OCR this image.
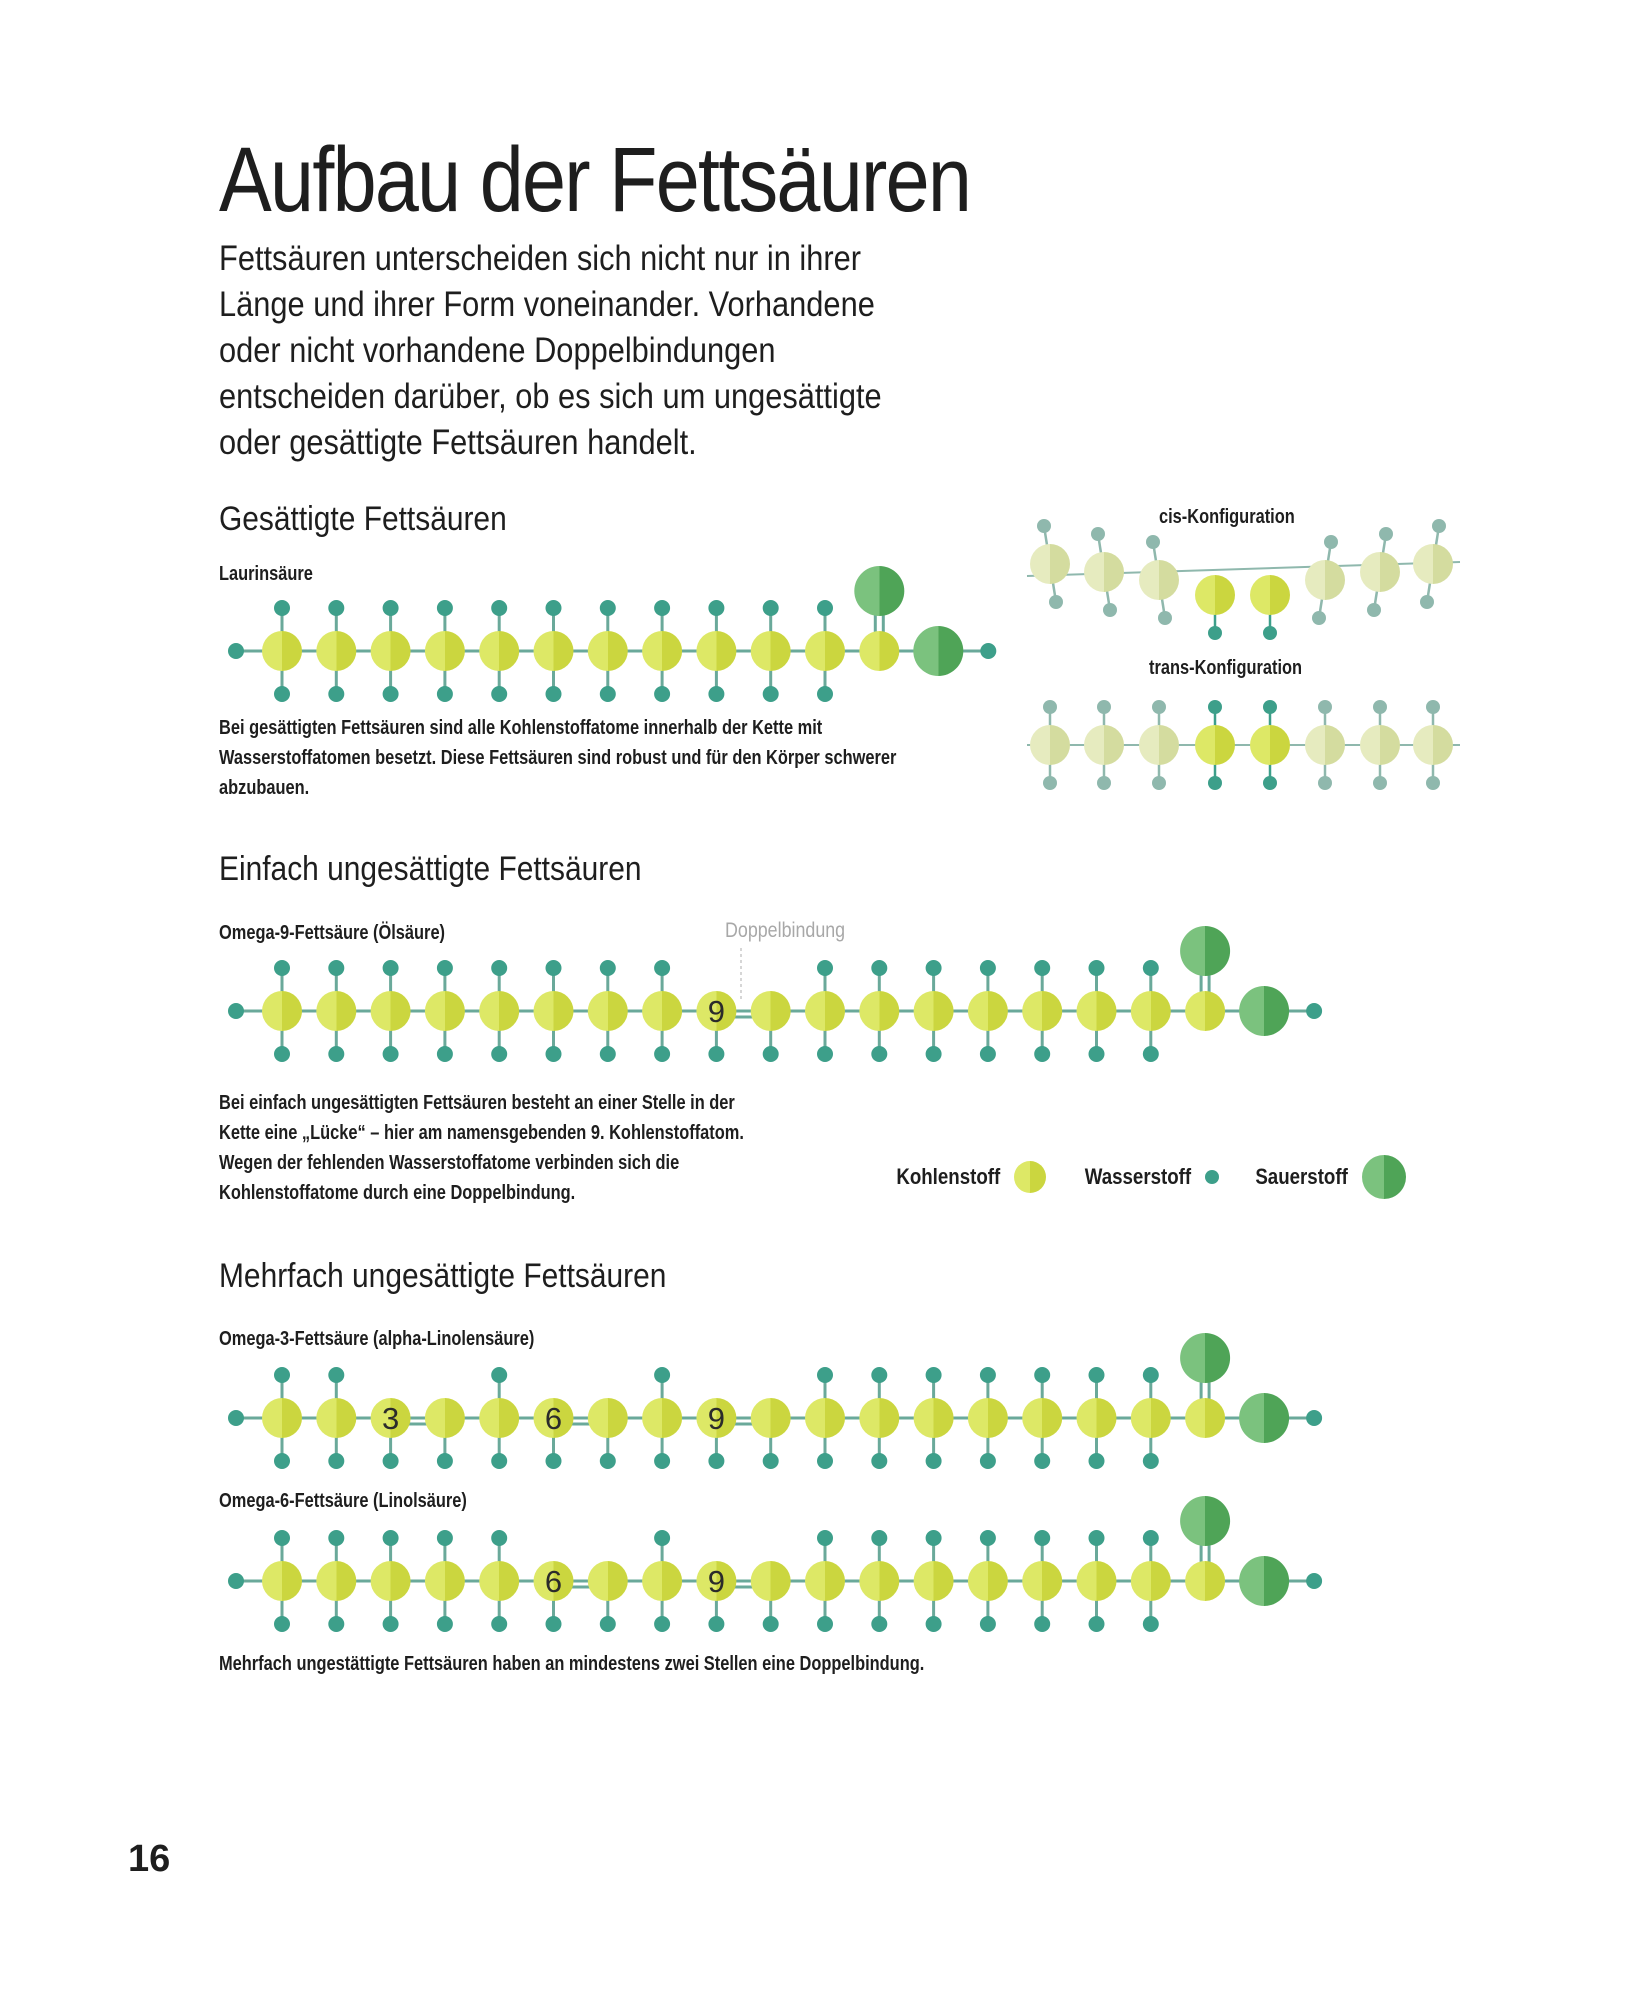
9
3	6	9
6	9
Aufbau der Fettsäuren

Fettsäuren unterscheiden sich nicht nur in ihrer Länge und ihrer Form voneinander. Vorhandene oder nicht vorhandene Doppelbindungen entscheiden darüber, ob es sich um ungesättigte oder gesättigte Fettsäuren handelt.

Gesättigte Fettsäuren
Laurinsäure

Bei gesättigten Fettsäuren sind alle Kohlenstoffatome innerhalb der Kette mit Wasserstoffatomen besetzt. Diese Fettsäuren sind robust und für den Körper schwerer abzubauen.

cis-Konfiguration
trans-Konfiguration
Einfach ungesättigte Fettsäuren
Omega-9-Fettsäure (Ölsäure)	Doppelbindung

Bei einfach ungesättigten Fettsäuren besteht an einer Stelle in der Kette eine „Lücke“ – hier am namensgebenden 9. Kohlenstoffatom. Wegen der fehlenden Wasserstoffatome verbinden sich die Kohlenstoffatome durch eine Doppelbindung.

Mehrfach ungesättigte Fettsäuren
Omega-3-Fettsäure (alpha-Linolensäure)
Omega-6-Fettsäure (Linolsäure)

Mehrfach ungestättigte Fettsäuren haben an mindestens zwei Stellen eine Doppelbindung.

Kohlenstoff	Wasserstoff	Sauerstoff
16
